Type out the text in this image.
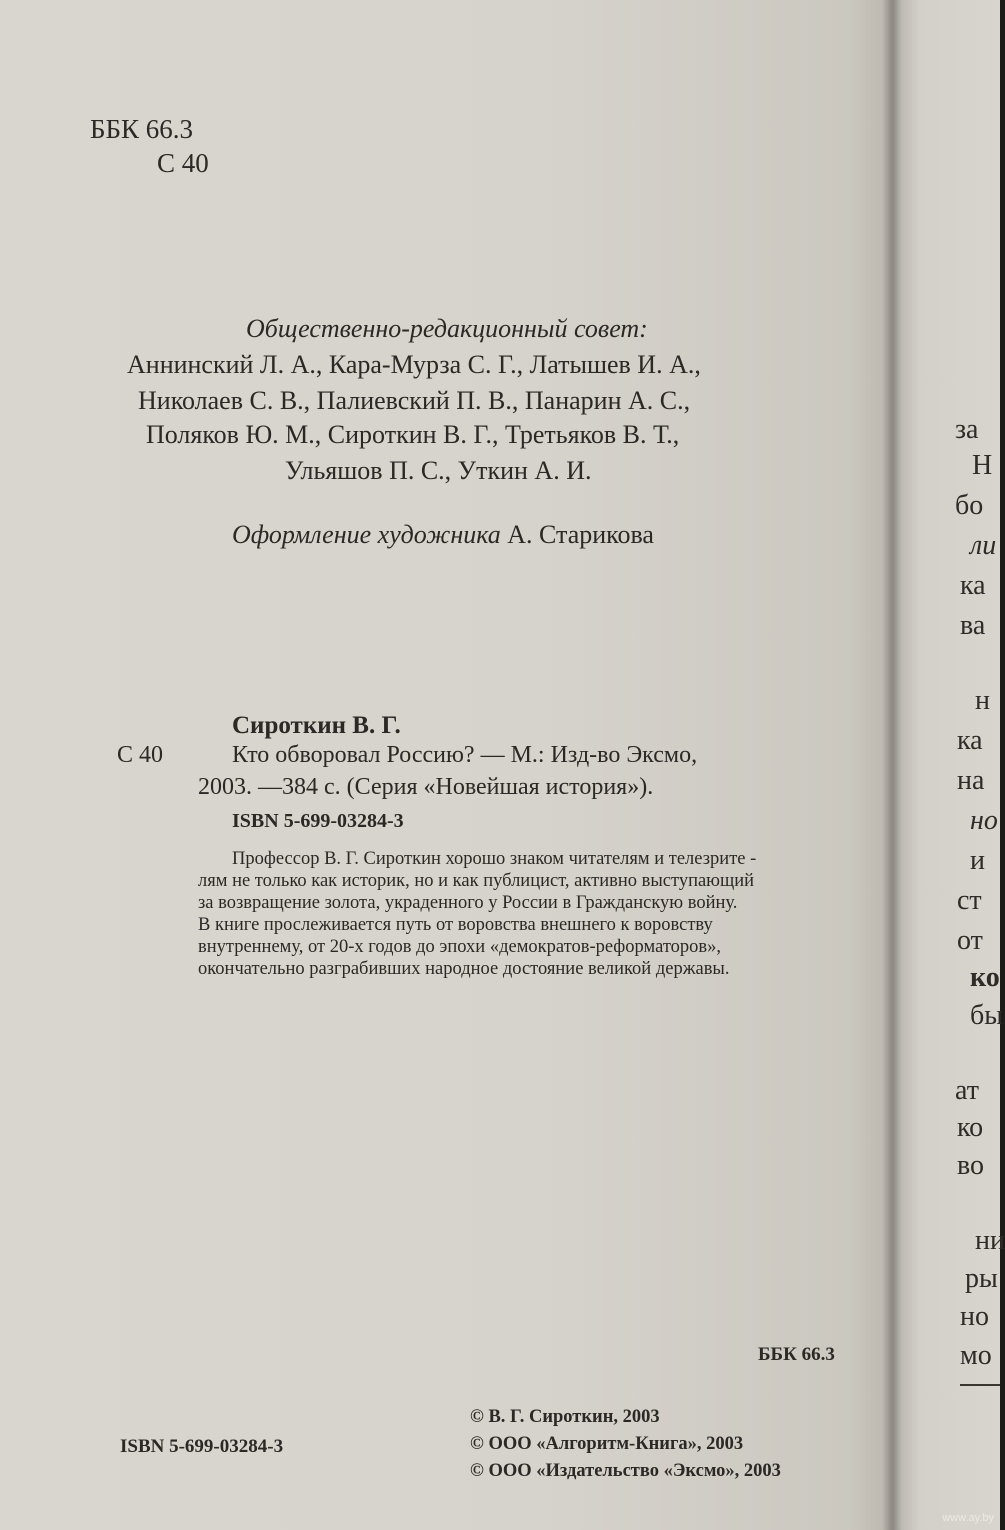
ББК 66.3
С 40
Общественно-редакционный совет:
Аннинский Л. А., Кара-Мурза С. Г., Латышев И. А.,
Николаев С. В., Палиевский П. В., Панарин А. С.,
Поляков Ю. М., Сироткин В. Г., Третьяков В. Т.,
Ульяшов П. С., Уткин А. И.
Оформление художника А. Старикова
Сироткин В. Г.
С 40	Кто обворовал Россию? — М.: Изд-во Эксмо,
2003. —384 с. (Серия «Новейшая история»).
ISBN 5-699-03284-3
Профессор В. Г. Сироткин хорошо знаком читателям и телезрите -
лям не только как историк, но и как публицист, активно выступающий
за возвращение золота, украденного у России в Гражданскую войну.
В книге прослеживается путь от воровства внешнего к воровству
внутреннему, от 20-х годов до эпохи «демократов-реформаторов»,
окончательно разграбивших народное достояние великой державы.
ББК 66.3
ISBN 5-699-03284-3
© В. Г. Сироткин, 2003
© ООО «Алгоритм-Книга», 2003
© ООО «Издательство «Эксмо», 2003
за
Н
бо
ли
ка
ва
н
ка
на
но
и
ст
от
ко
бы
ат
ко
во
ни
ры
но
мо
www.ay.by
